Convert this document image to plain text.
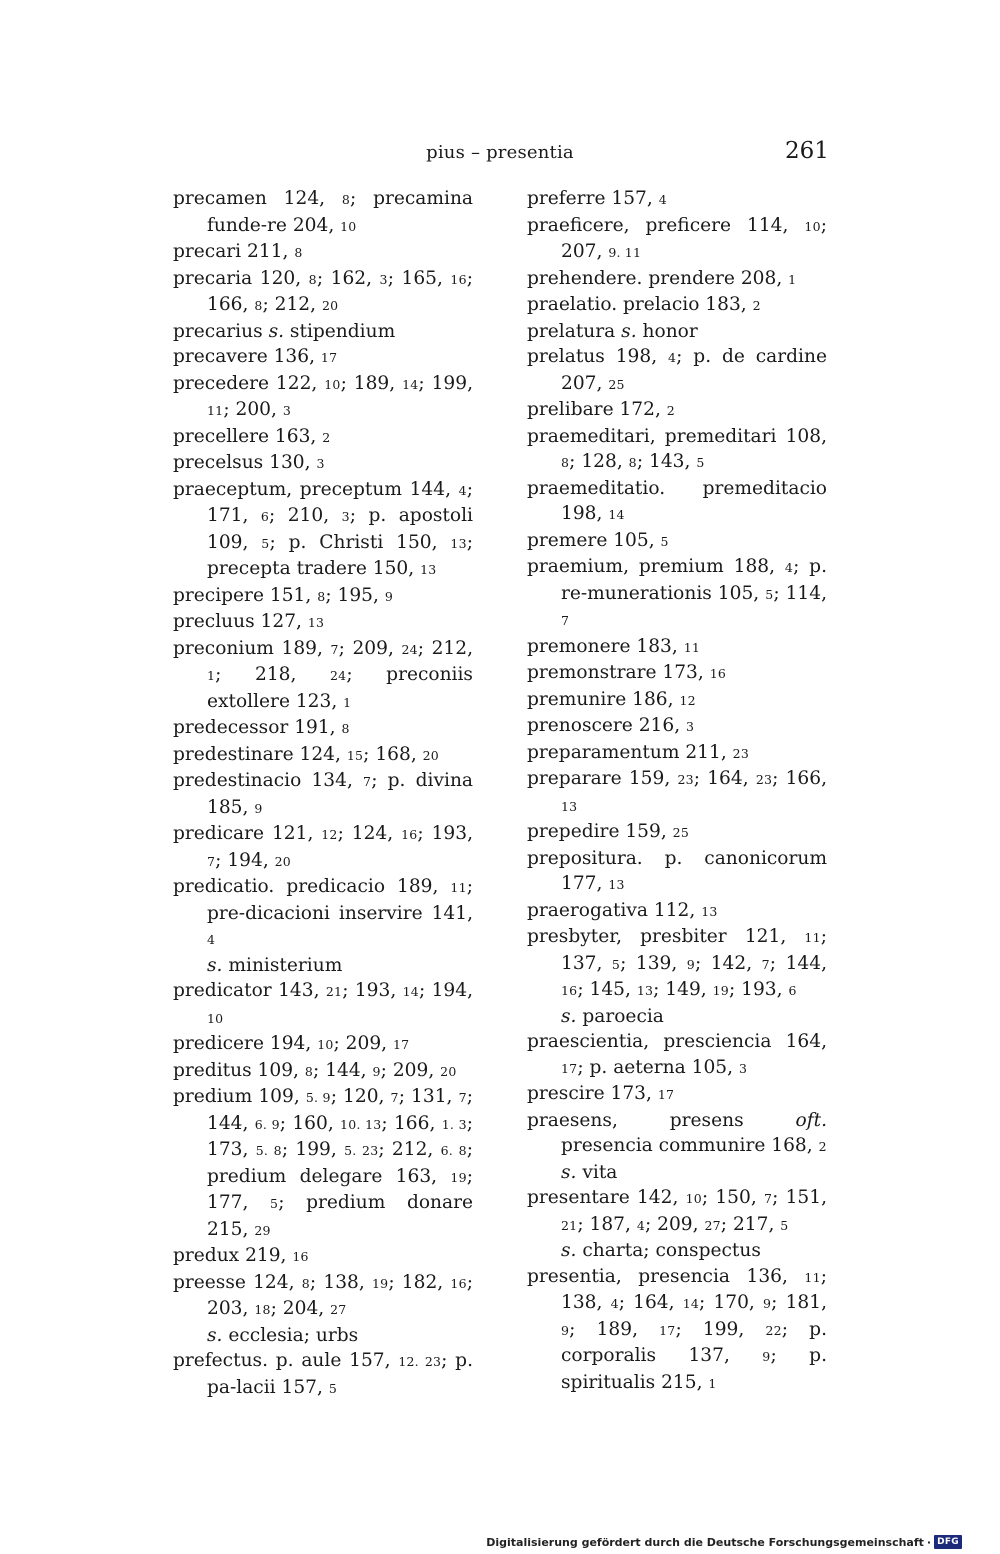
pius – presentia	261
precamen 124, 8; precamina funde-re 204, 10
precari 211, 8
precaria 120, 8; 162, 3; 165, 16; 166, 8; 212, 20
precarius s. stipendium
precavere 136, 17
precedere 122, 10; 189, 14; 199, 11; 200, 3
precellere 163, 2
precelsus 130, 3
praeceptum, preceptum 144, 4; 171, 6; 210, 3; p. apostoli 109, 5; p. Christi 150, 13; precepta tradere 150, 13
precipere 151, 8; 195, 9
precluus 127, 13
preconium 189, 7; 209, 24; 212, 1; 218, 24; preconiis extollere 123, 1
predecessor 191, 8
predestinare 124, 15; 168, 20
predestinacio 134, 7; p. divina 185, 9
predicare 121, 12; 124, 16; 193, 7; 194, 20
predicatio. predicacio 189, 11; pre-dicacioni inservire 141, 4
s. ministerium
predicator 143, 21; 193, 14; 194, 10
predicere 194, 10; 209, 17
preditus 109, 8; 144, 9; 209, 20
predium 109, 5. 9; 120, 7; 131, 7; 144, 6. 9; 160, 10. 13; 166, 1. 3; 173, 5. 8; 199, 5. 23; 212, 6. 8; predium delegare 163, 19; 177, 5; predium donare 215, 29
predux 219, 16
preesse 124, 8; 138, 19; 182, 16; 203, 18; 204, 27
s. ecclesia; urbs
prefectus. p. aule 157, 12. 23; p. pa-lacii 157, 5
preferre 157, 4
praeficere, preficere 114, 10; 207, 9. 11
prehendere. prendere 208, 1
praelatio. prelacio 183, 2
prelatura s. honor
prelatus 198, 4; p. de cardine 207, 25
prelibare 172, 2
praemeditari, premeditari 108, 8; 128, 8; 143, 5
praemeditatio. premeditacio 198, 14
premere 105, 5
praemium, premium 188, 4; p. re-munerationis 105, 5; 114, 7
premonere 183, 11
premonstrare 173, 16
premunire 186, 12
prenoscere 216, 3
preparamentum 211, 23
preparare 159, 23; 164, 23; 166, 13
prepedire 159, 25
prepositura. p. canonicorum 177, 13
praerogativa 112, 13
presbyter, presbiter 121, 11; 137, 5; 139, 9; 142, 7; 144, 16; 145, 13; 149, 19; 193, 6
s. paroecia
praescientia, presciencia 164, 17; p. aeterna 105, 3
prescire 173, 17
praesens, presens oft. presencia communire 168, 2
s. vita
presentare 142, 10; 150, 7; 151, 21; 187, 4; 209, 27; 217, 5
s. charta; conspectus
presentia, presencia 136, 11; 138, 4; 164, 14; 170, 9; 181, 9; 189, 17; 199, 22; p. corporalis 137, 9; p. spiritualis 215, 1
Digitalisierung gefördert durch die Deutsche Forschungsgemeinschaft · DFG
